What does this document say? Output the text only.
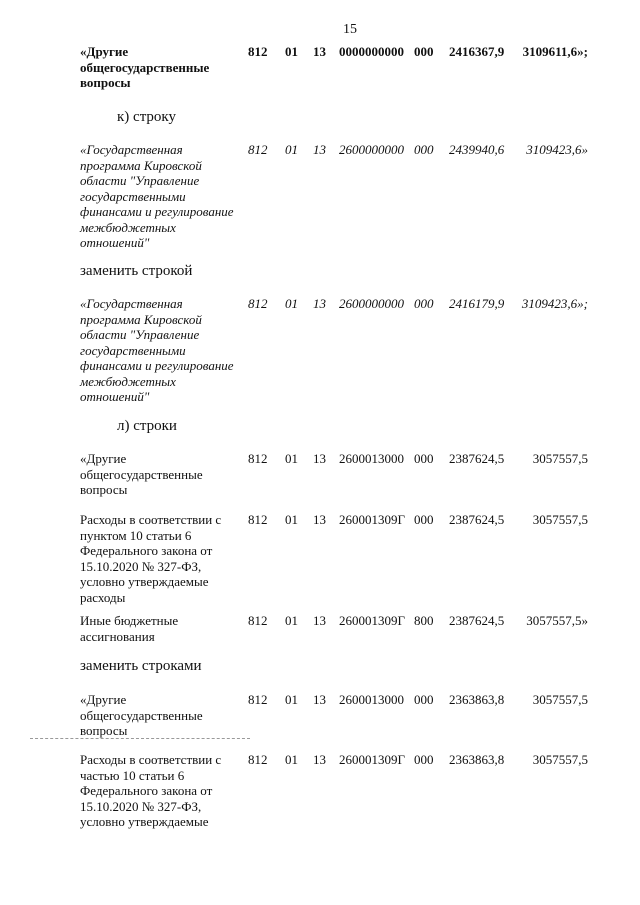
15
«Другие общегосударственные вопросы
812 01 13 0000000000 000 2416367,9 3109611,6»;
к) строку
«Государственная программа Кировской области "Управление государственными финансами и регулирование межбюджетных отношений"
812 01 13 2600000000 000 2439940,6 3109423,6»
заменить строкой
«Государственная программа Кировской области "Управление государственными финансами и регулирование межбюджетных отношений"
812 01 13 2600000000 000 2416179,9 3109423,6»;
л) строки
«Другие общегосударственные вопросы
812 01 13 2600013000 000 2387624,5 3057557,5
Расходы в соответствии с пунктом 10 статьи 6 Федерального закона от 15.10.2020 № 327-ФЗ, условно утверждаемые расходы
812 01 13 260001309Г 000 2387624,5 3057557,5
Иные бюджетные ассигнования
812 01 13 260001309Г 800 2387624,5 3057557,5»
заменить строками
«Другие общегосударственные вопросы
812 01 13 2600013000 000 2363863,8 3057557,5
Расходы в соответствии с частью 10 статьи 6 Федерального закона от 15.10.2020 № 327-ФЗ, условно утверждаемые
812 01 13 260001309Г 000 2363863,8 3057557,5
